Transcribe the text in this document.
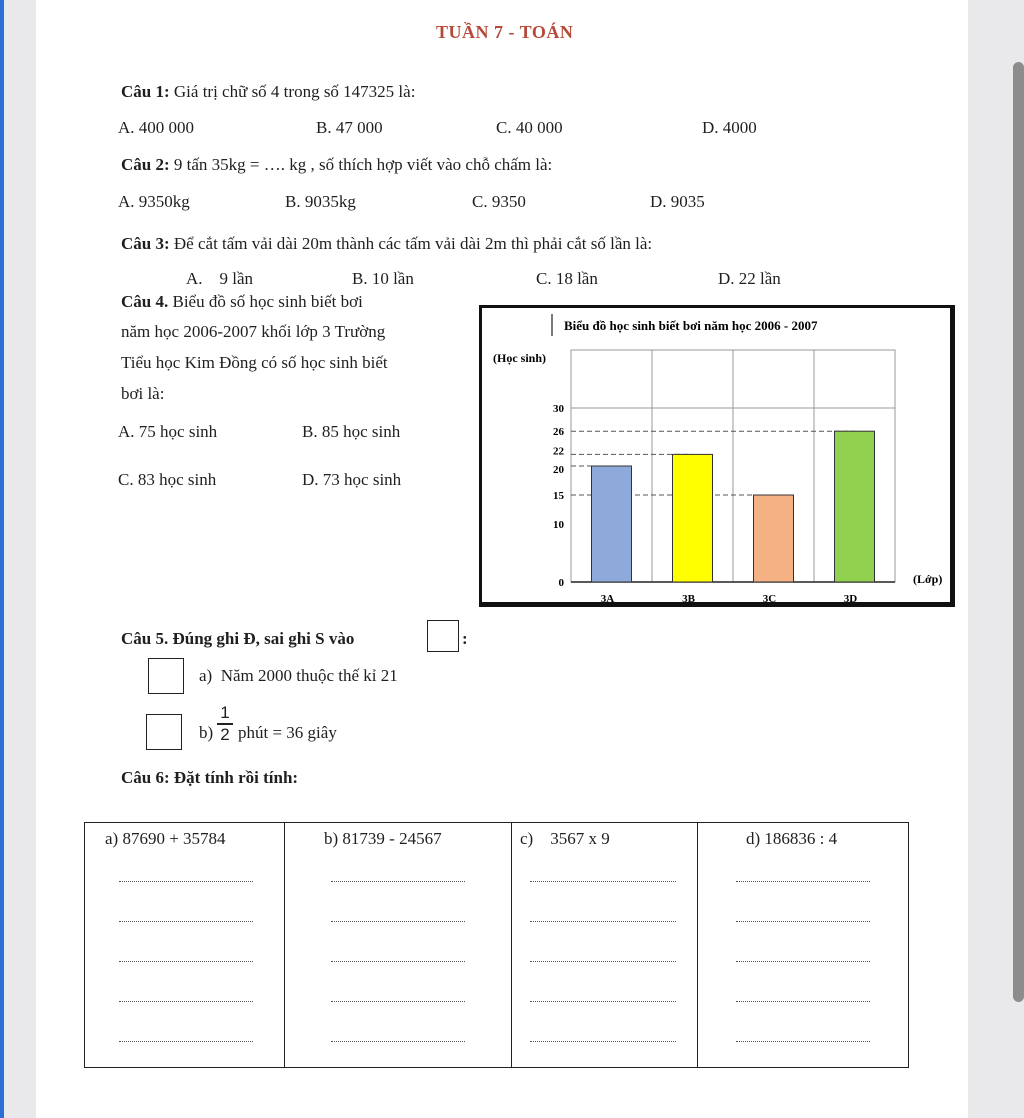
TUẦN 7 - TOÁN
Câu 1: Giá trị chữ số 4 trong số 147325 là:
A. 400 000	B. 47 000	C. 40 000	D. 4000
Câu 2: 9 tấn 35kg = …. kg , số thích hợp viết vào chỗ chấm là:
A. 9350kg	B. 9035kg	C. 9350	D. 9035
Câu 3: Để cắt tấm vải dài 20m thành các tấm vải dài 2m thì phải cắt số lần là:
A.    9 lần	B. 10 lần	C. 18 lần	D. 22 lần
Câu 4. Biểu đồ số học sinh biết bơi
năm học 2006-2007 khối lớp 3 Trường
Tiểu học Kim Đồng có số học sinh biết
bơi là:
A. 75 học sinh	B. 85 học sinh
C. 83 học sinh	D. 73 học sinh
Biểu đồ học sinh biết bơi năm học 2006 - 2007
(Học sinh)
(Lớp)
0
10
15
20
22
26
30
3A	3B	3C	3D
Câu 5. Đúng ghi Đ, sai ghi S vào	:
a)  Năm 2000 thuộc thế kỉ 21
b)
1
2 phút = 36 giây
Câu 6: Đặt tính rồi tính:
a) 87690 + 35784	b) 81739 - 24567	c)    3567 x 9	d) 186836 : 4
